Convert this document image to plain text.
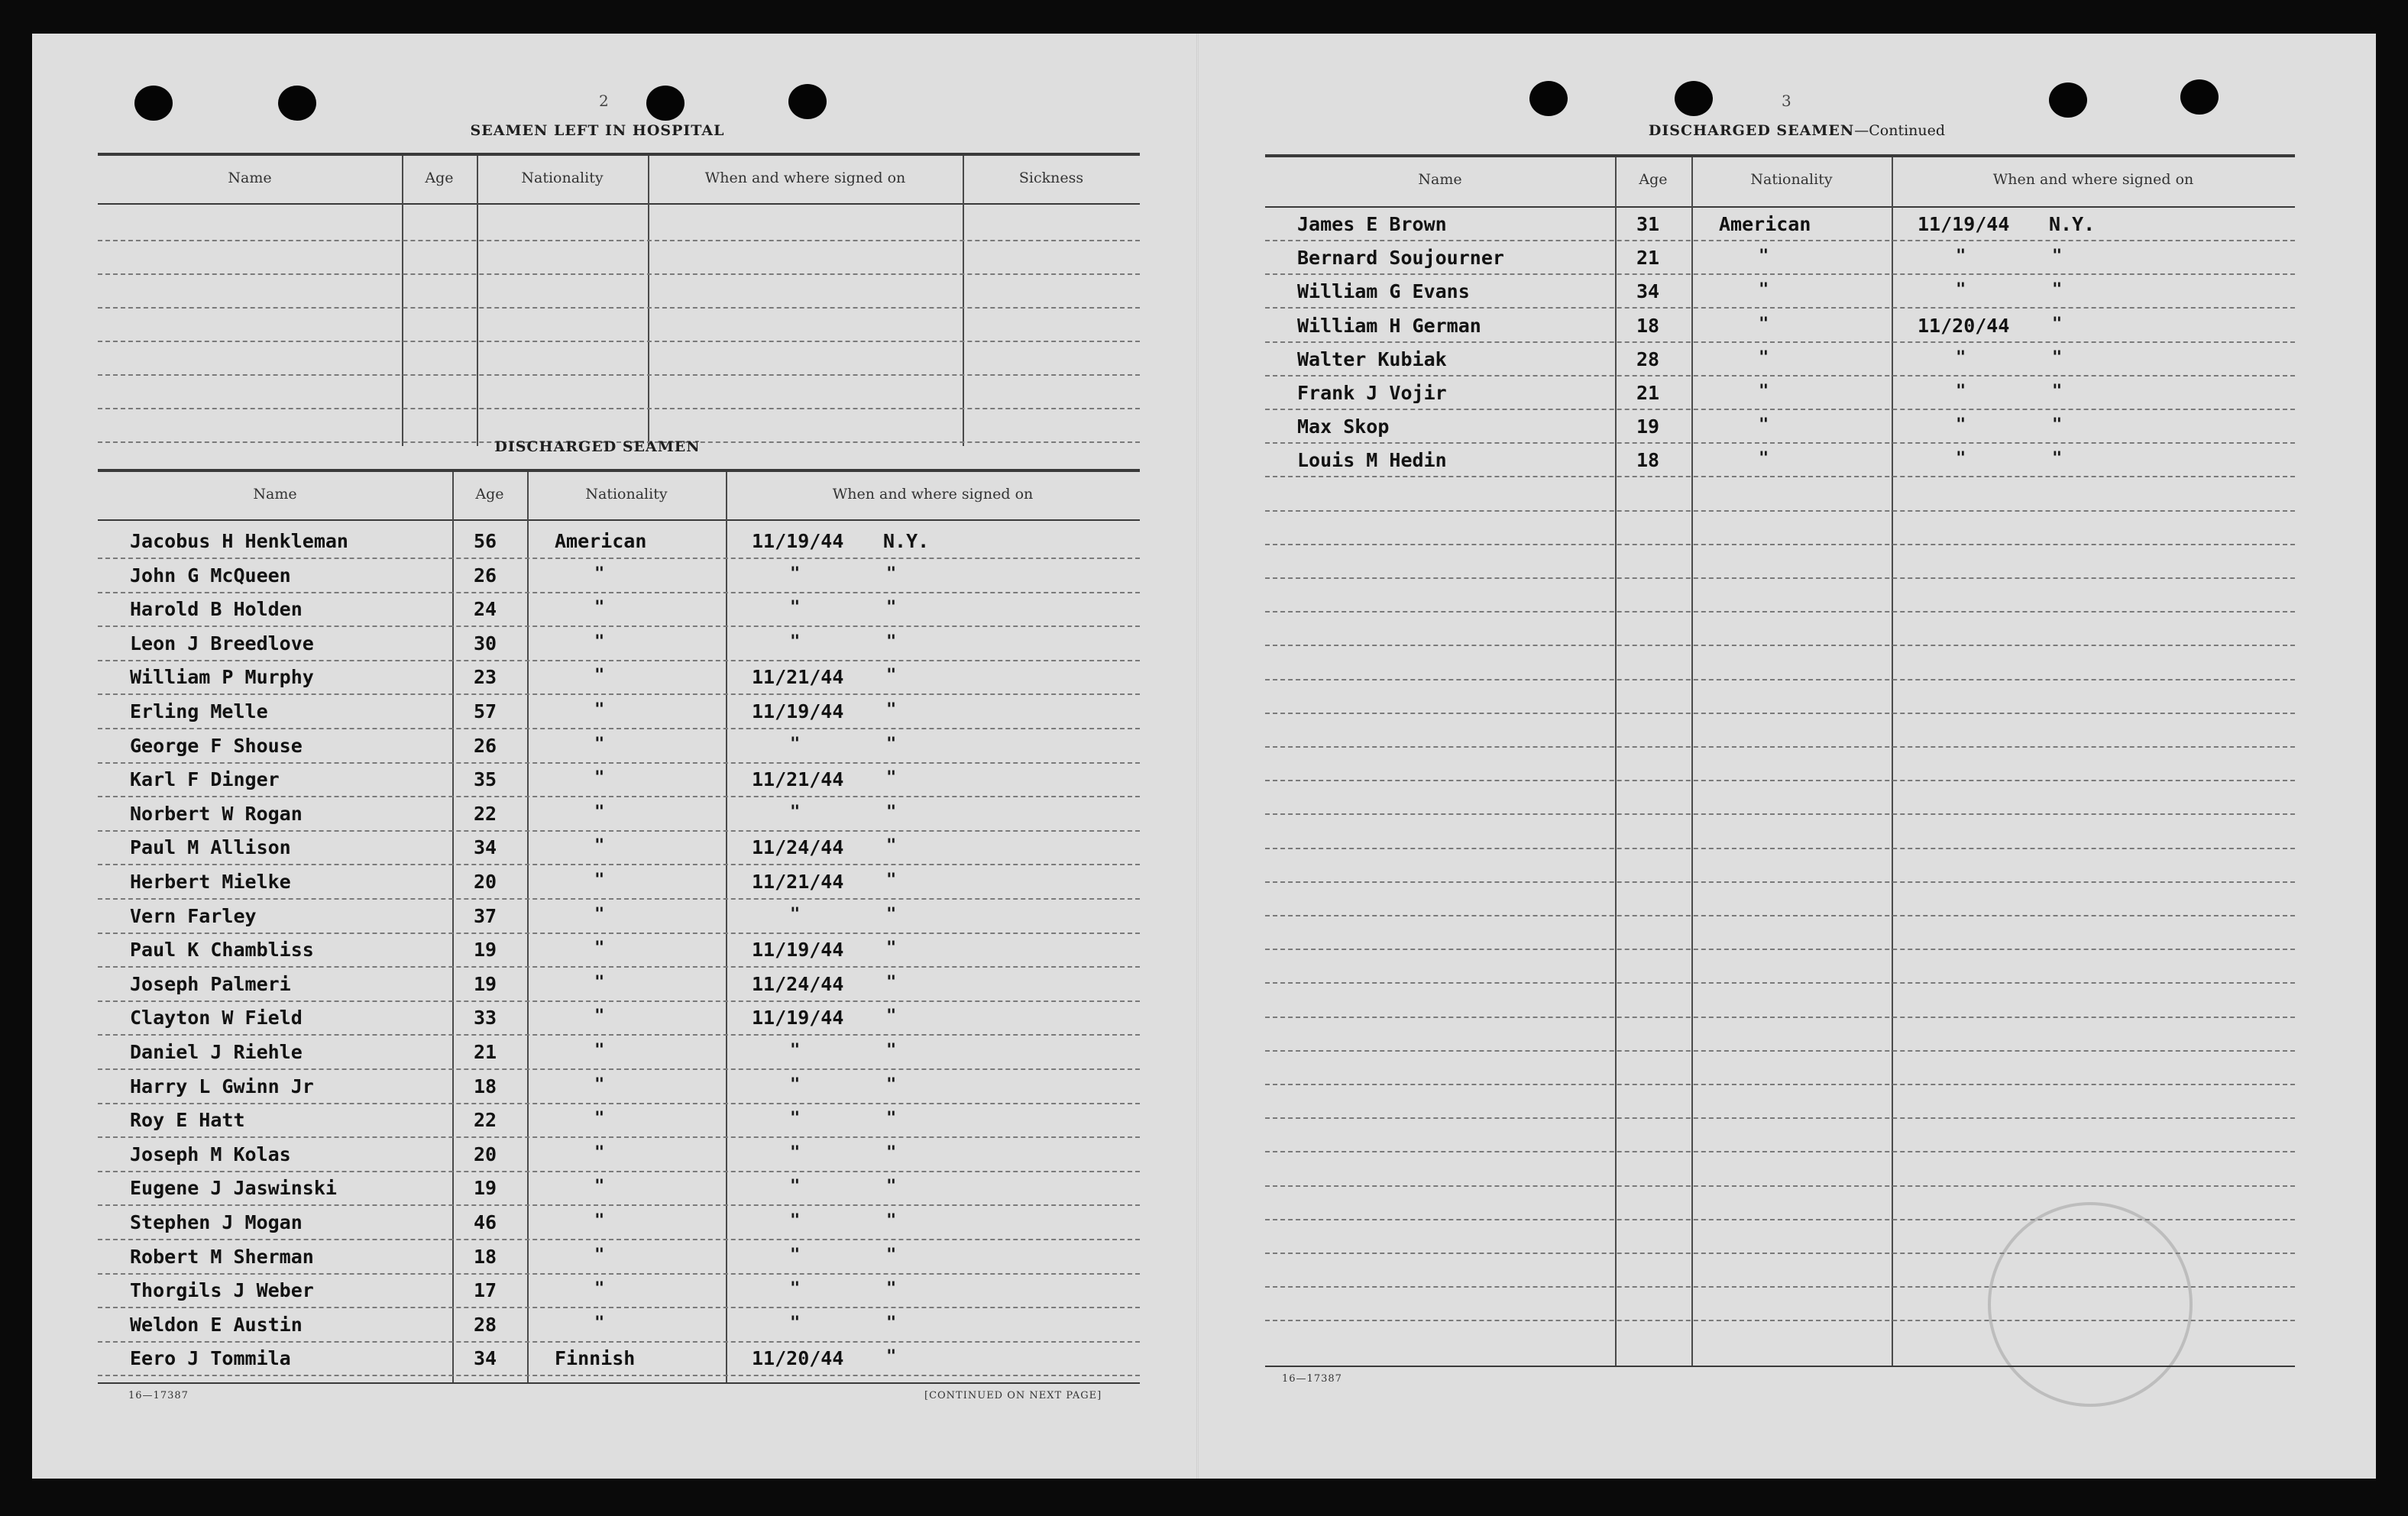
2
SEAMEN LEFT IN HOSPITAL
Name	Age	Nationality	When and where signed on	Sickness
DISCHARGED SEAMEN
Name	Age	Nationality	When and where signed on
Jacobus H Henkleman	56	American	11/19/44 N.Y.
John G McQueen	26	"	"	"
Harold B Holden	24	"	"	"
Leon J Breedlove	30	"	"	"
William P Murphy	23	"	11/21/44	"
Erling Melle	57	"	11/19/44	"
George F Shouse	26	"	"	"
Karl F Dinger	35	"	11/21/44	"
Norbert W Rogan	22	"	"	"
Paul M Allison	34	"	11/24/44	"
Herbert Mielke	20	"	11/21/44	"
Vern Farley	37	"	"	"
Paul K Chambliss	19	"	11/19/44	"
Joseph Palmeri	19	"	11/24/44	"
Clayton W Field	33	"	11/19/44	"
Daniel J Riehle	21	"	"	"
Harry L Gwinn Jr	18	"	"	"
Roy E Hatt	22	"	"	"
Joseph M Kolas	20	"	"	"
Eugene J Jaswinski	19	"	"	"
Stephen J Mogan	46	"	"	"
Robert M Sherman	18	"	"	"
Thorgils J Weber	17	"	"	"
Weldon E Austin	28	"	"	"
Eero J Tommila	34	Finnish	11/20/44	"
16—17387	[CONTINUED ON NEXT PAGE]
3
DISCHARGED SEAMEN—Continued
Name	Age	Nationality	When and where signed on
James E Brown	31	American	11/19/44 N.Y.
Bernard Soujourner	21	"	"	"
William G Evans	34	"	"	"
William H German	18	"	11/20/44	"
Walter Kubiak	28	"	"	"
Frank J Vojir	21	"	"	"
Max Skop	19	"	"	"
Louis M Hedin	18	"	"	"
16—17387
